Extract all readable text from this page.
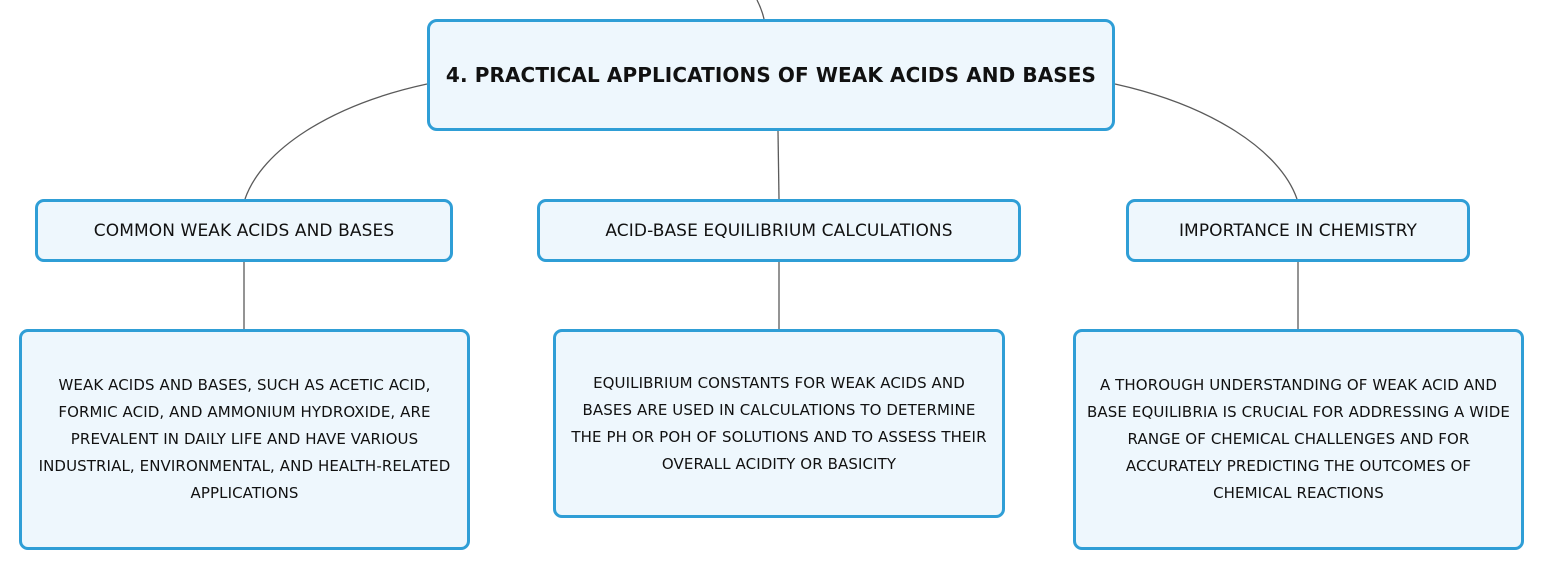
4. PRACTICAL APPLICATIONS OF WEAK ACIDS AND BASES
COMMON WEAK ACIDS AND BASES	ACID-BASE EQUILIBRIUM CALCULATIONS	IMPORTANCE IN CHEMISTRY
WEAK ACIDS AND BASES, SUCH AS ACETIC ACID, FORMIC ACID, AND AMMONIUM HYDROXIDE, ARE PREVALENT IN DAILY LIFE AND HAVE VARIOUS INDUSTRIAL, ENVIRONMENTAL, AND HEALTH-RELATED APPLICATIONS
EQUILIBRIUM CONSTANTS FOR WEAK ACIDS AND BASES ARE USED IN CALCULATIONS TO DETERMINE THE PH OR POH OF SOLUTIONS AND TO ASSESS THEIR OVERALL ACIDITY OR BASICITY
A THOROUGH UNDERSTANDING OF WEAK ACID AND BASE EQUILIBRIA IS CRUCIAL FOR ADDRESSING A WIDE RANGE OF CHEMICAL CHALLENGES AND FOR ACCURATELY PREDICTING THE OUTCOMES OF CHEMICAL REACTIONS
